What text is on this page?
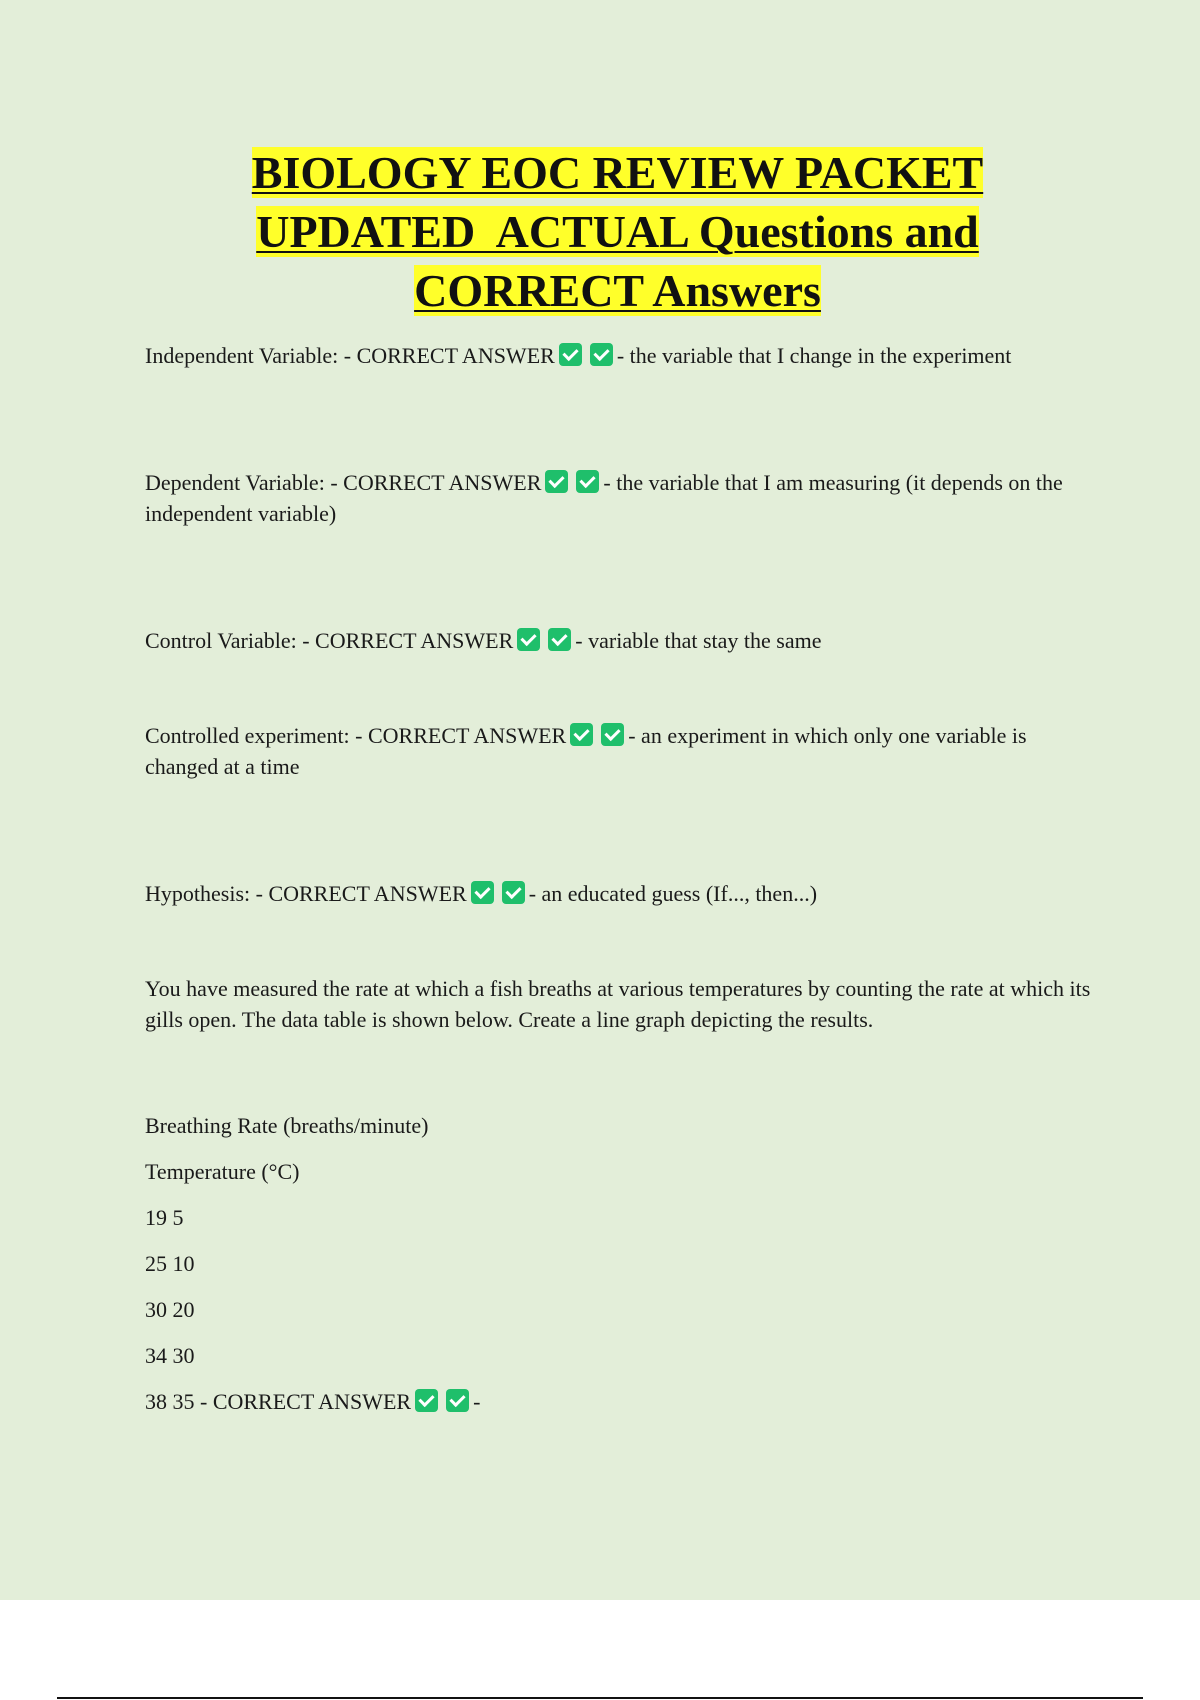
BIOLOGY EOC REVIEW PACKET
UPDATED  ACTUAL Questions and
CORRECT Answers

Independent Variable: - CORRECT ANSWER	- the variable that I change in the experiment

Dependent Variable: - CORRECT ANSWER	- the variable that I am measuring (it depends on the independent variable)

Control Variable: - CORRECT ANSWER	- variable that stay the same

Controlled experiment: - CORRECT ANSWER	- an experiment in which only one variable is changed at a time

Hypothesis: - CORRECT ANSWER	- an educated guess (If..., then...)

You have measured the rate at which a fish breaths at various temperatures by counting the rate at which its gills open. The data table is shown below. Create a line graph depicting the results.

Breathing Rate (breaths/minute)

Temperature (°C)

19 5

25 10

30 20

34 30

38 35 - CORRECT ANSWER	-
